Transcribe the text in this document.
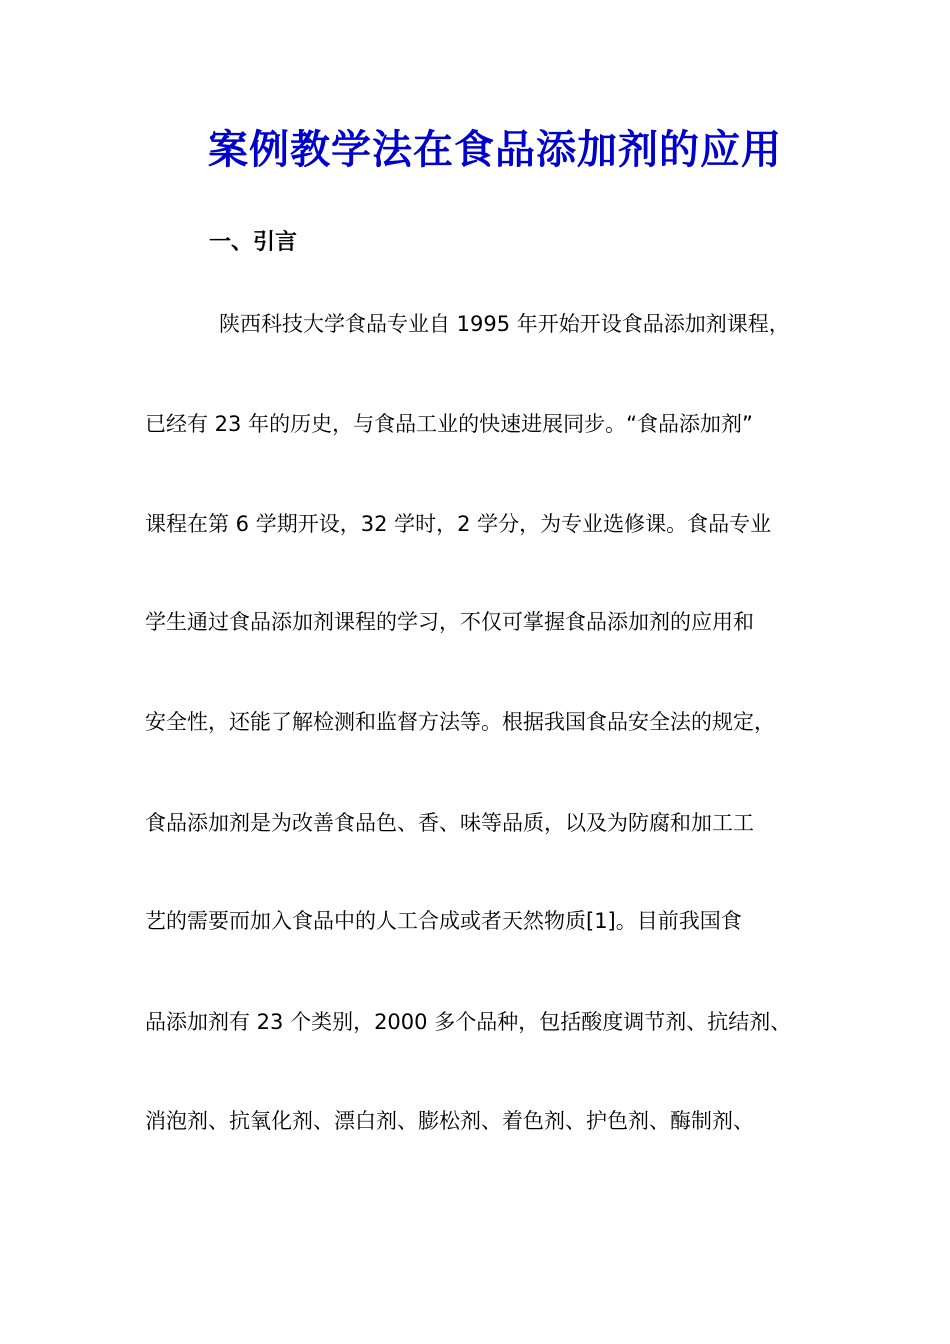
案例教学法在食品添加剂的应用
一、引言

陕西科技大学食品专业自 1995 年开始开设食品添加剂课程，

已经有 23 年的历史，与食品工业的快速进展同步。“食品添加剂”

课程在第 6 学期开设，32 学时，2 学分，为专业选修课。食品专业

学生通过食品添加剂课程的学习，不仅可掌握食品添加剂的应用和

安全性，还能了解检测和监督方法等。根据我国食品安全法的规定，

食品添加剂是为改善食品色、香、味等品质，以及为防腐和加工工

艺的需要而加入食品中的人工合成或者天然物质[1]。目前我国食

品添加剂有 23 个类别，2000 多个品种，包括酸度调节剂、抗结剂、

消泡剂、抗氧化剂、漂白剂、膨松剂、着色剂、护色剂、酶制剂、
